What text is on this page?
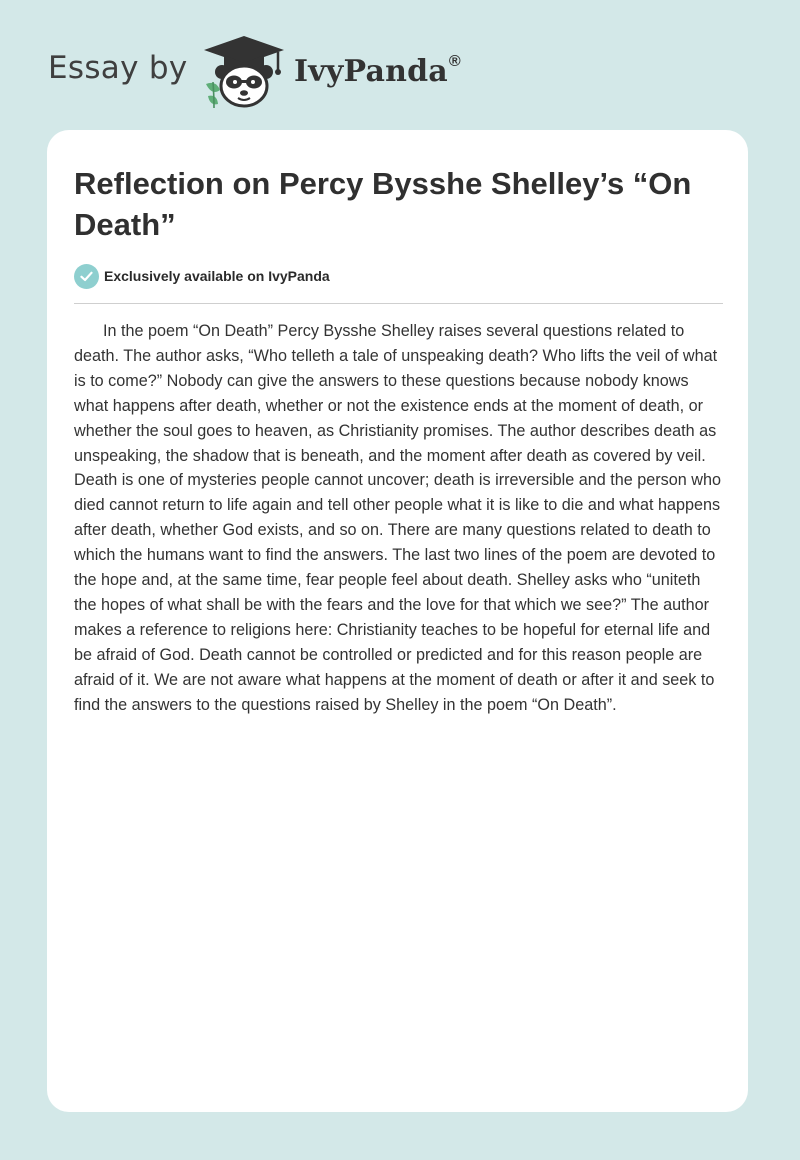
Essay by	IvyPanda®
Reflection on Percy Bysshe Shelley’s “On Death”
Exclusively available on IvyPanda

In the poem “On Death” Percy Bysshe Shelley raises several questions related to death. The author asks, “Who telleth a tale of unspeaking death? Who lifts the veil of what is to come?” Nobody can give the answers to these questions because nobody knows what happens after death, whether or not the existence ends at the moment of death, or whether the soul goes to heaven, as Christianity promises. The author describes death as unspeaking, the shadow that is beneath, and the moment after death as covered by veil. Death is one of mysteries people cannot uncover; death is irreversible and the person who died cannot return to life again and tell other people what it is like to die and what happens after death, whether God exists, and so on. There are many questions related to death to which the humans want to find the answers. The last two lines of the poem are devoted to the hope and, at the same time, fear people feel about death. Shelley asks who “uniteth the hopes of what shall be with the fears and the love for that which we see?” The author makes a reference to religions here: Christianity teaches to be hopeful for eternal life and be afraid of God. Death cannot be controlled or predicted and for this reason people are afraid of it. We are not aware what happens at the moment of death or after it and seek to find the answers to the questions raised by Shelley in the poem “On Death”.
